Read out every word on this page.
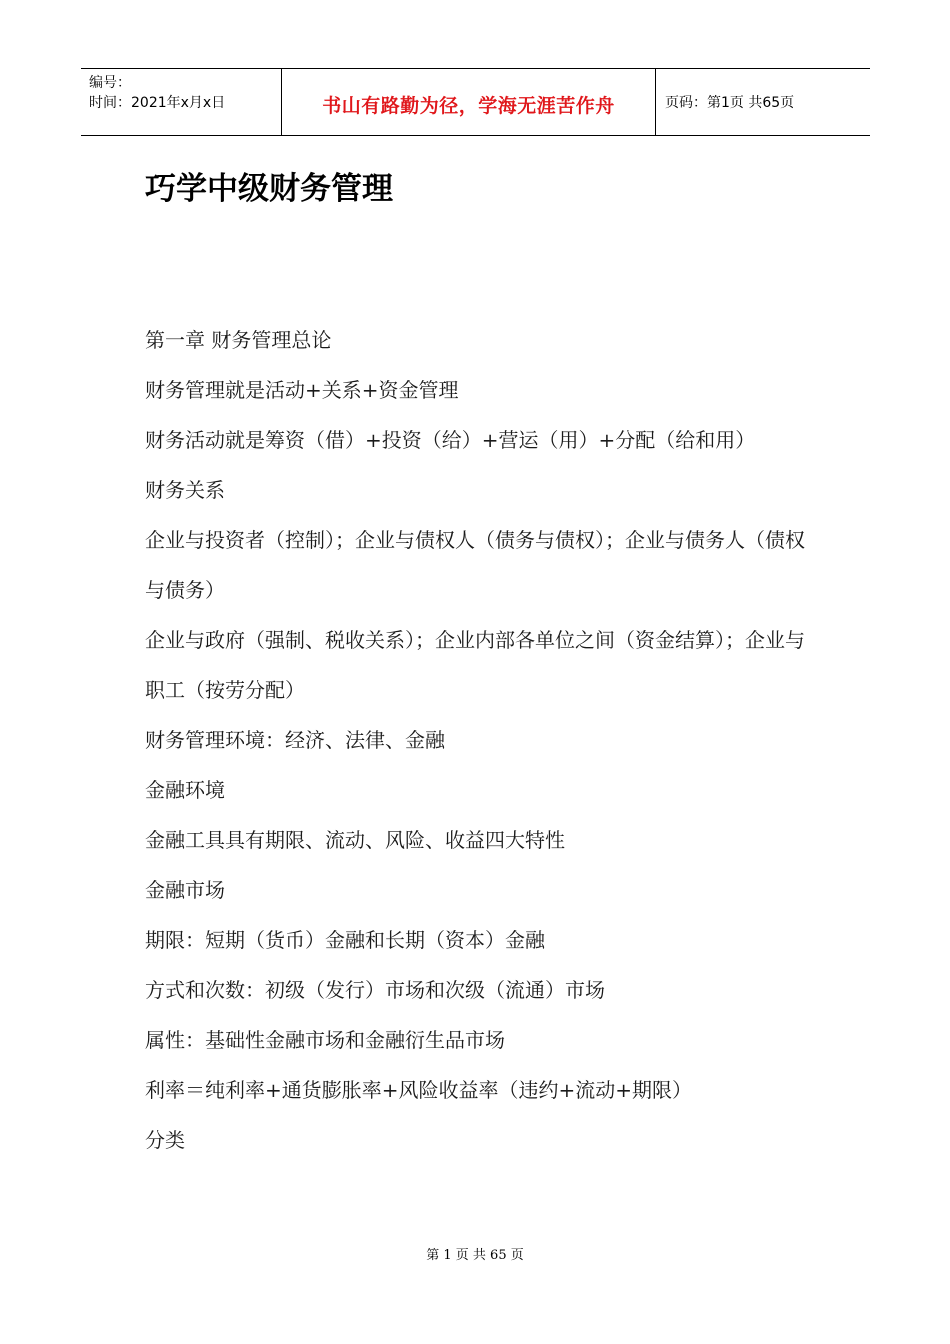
编号：
时间：2021年x月x日	书山有路勤为径，学海无涯苦作舟	页码：第1页 共65页
巧学中级财务管理

第一章 财务管理总论

财务管理就是活动+关系+资金管理

财务活动就是筹资（借）+投资（给）+营运（用）+分配（给和用）

财务关系

企业与投资者（控制）；企业与债权人（债务与债权）；企业与债务人（债权与债务）

企业与政府（强制、税收关系）；企业内部各单位之间（资金结算）；企业与职工（按劳分配）

财务管理环境：经济、法律、金融

金融环境

金融工具具有期限、流动、风险、收益四大特性

金融市场

期限：短期（货币）金融和长期（资本）金融

方式和次数：初级（发行）市场和次级（流通）市场

属性：基础性金融市场和金融衍生品市场

利率＝纯利率+通货膨胀率+风险收益率（违约+流动+期限）

分类

第 1 页 共 65 页
